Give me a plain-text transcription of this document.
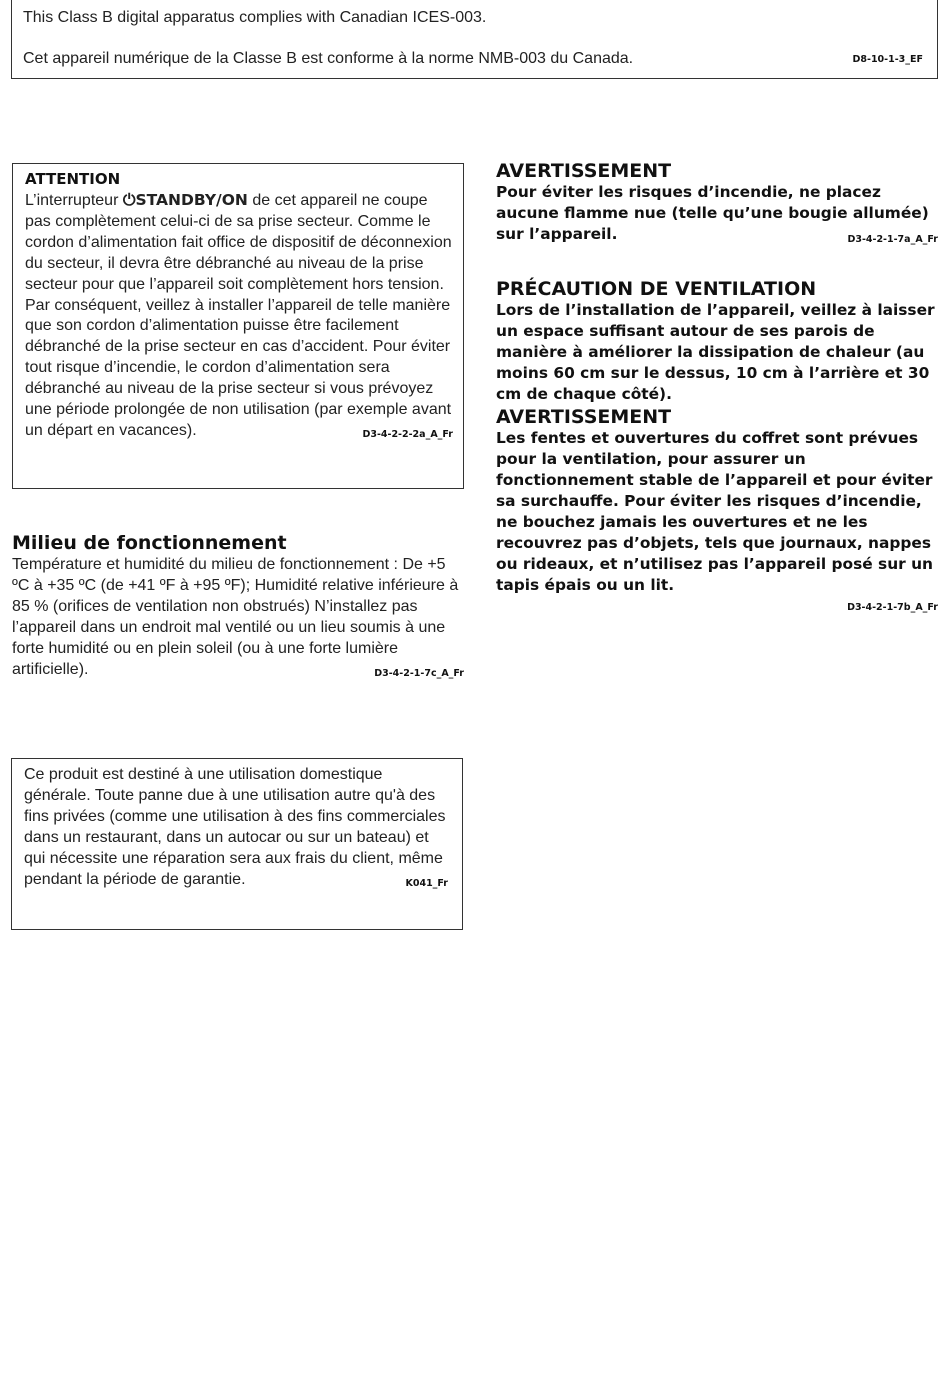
This Class B digital apparatus complies with Canadian ICES-003.
Cet appareil numérique de la Classe B est conforme à la norme NMB-003 du Canada.	D8-10-1-3_EF
ATTENTION

L’interrupteur ⏻STANDBY/ON de cet appareil ne coupe pas complètement celui-ci de sa prise secteur. Comme le cordon d’alimentation fait office de dispositif de déconnexion du secteur, il devra être débranché au niveau de la prise secteur pour que l’appareil soit complètement hors tension. Par conséquent, veillez à installer l’appareil de telle manière que son cordon d’alimentation puisse être facilement débranché de la prise secteur en cas d’accident. Pour éviter tout risque d’incendie, le cordon d’alimentation sera débranché au niveau de la prise secteur si vous prévoyez une période prolongée de non utilisation (par exemple avant un départ en vacances).	D3-4-2-2-2a_A_Fr

Milieu de fonctionnement

Température et humidité du milieu de fonctionnement : De +5 ºC à +35 ºC (de +41 ºF à +95 ºF); Humidité relative inférieure à 85 % (orifices de ventilation non obstrués) N’installez pas l’appareil dans un endroit mal ventilé ou un lieu soumis à une forte humidité ou en plein soleil (ou à une forte lumière artificielle).	D3-4-2-1-7c_A_Fr

Ce produit est destiné à une utilisation domestique générale. Toute panne due à une utilisation autre qu'à des fins privées (comme une utilisation à des fins commerciales dans un restaurant, dans un autocar ou sur un bateau) et qui nécessite une réparation sera aux frais du client, même pendant la période de garantie.	K041_Fr

AVERTISSEMENT

Pour éviter les risques d’incendie, ne placez aucune flamme nue (telle qu’une bougie allumée) sur l’appareil.	D3-4-2-1-7a_A_Fr

PRÉCAUTION DE VENTILATION

Lors de l’installation de l’appareil, veillez à laisser un espace suffisant autour de ses parois de manière à améliorer la dissipation de chaleur (au moins 60 cm sur le dessus, 10 cm à l’arrière et 30 cm de chaque côté).

AVERTISSEMENT

Les fentes et ouvertures du coffret sont prévues pour la ventilation, pour assurer un fonctionnement stable de l’appareil et pour éviter sa surchauffe. Pour éviter les risques d’incendie, ne bouchez jamais les ouvertures et ne les recouvrez pas d’objets, tels que journaux, nappes ou rideaux, et n’utilisez pas l’appareil posé sur un tapis épais ou un lit.

D3-4-2-1-7b_A_Fr
